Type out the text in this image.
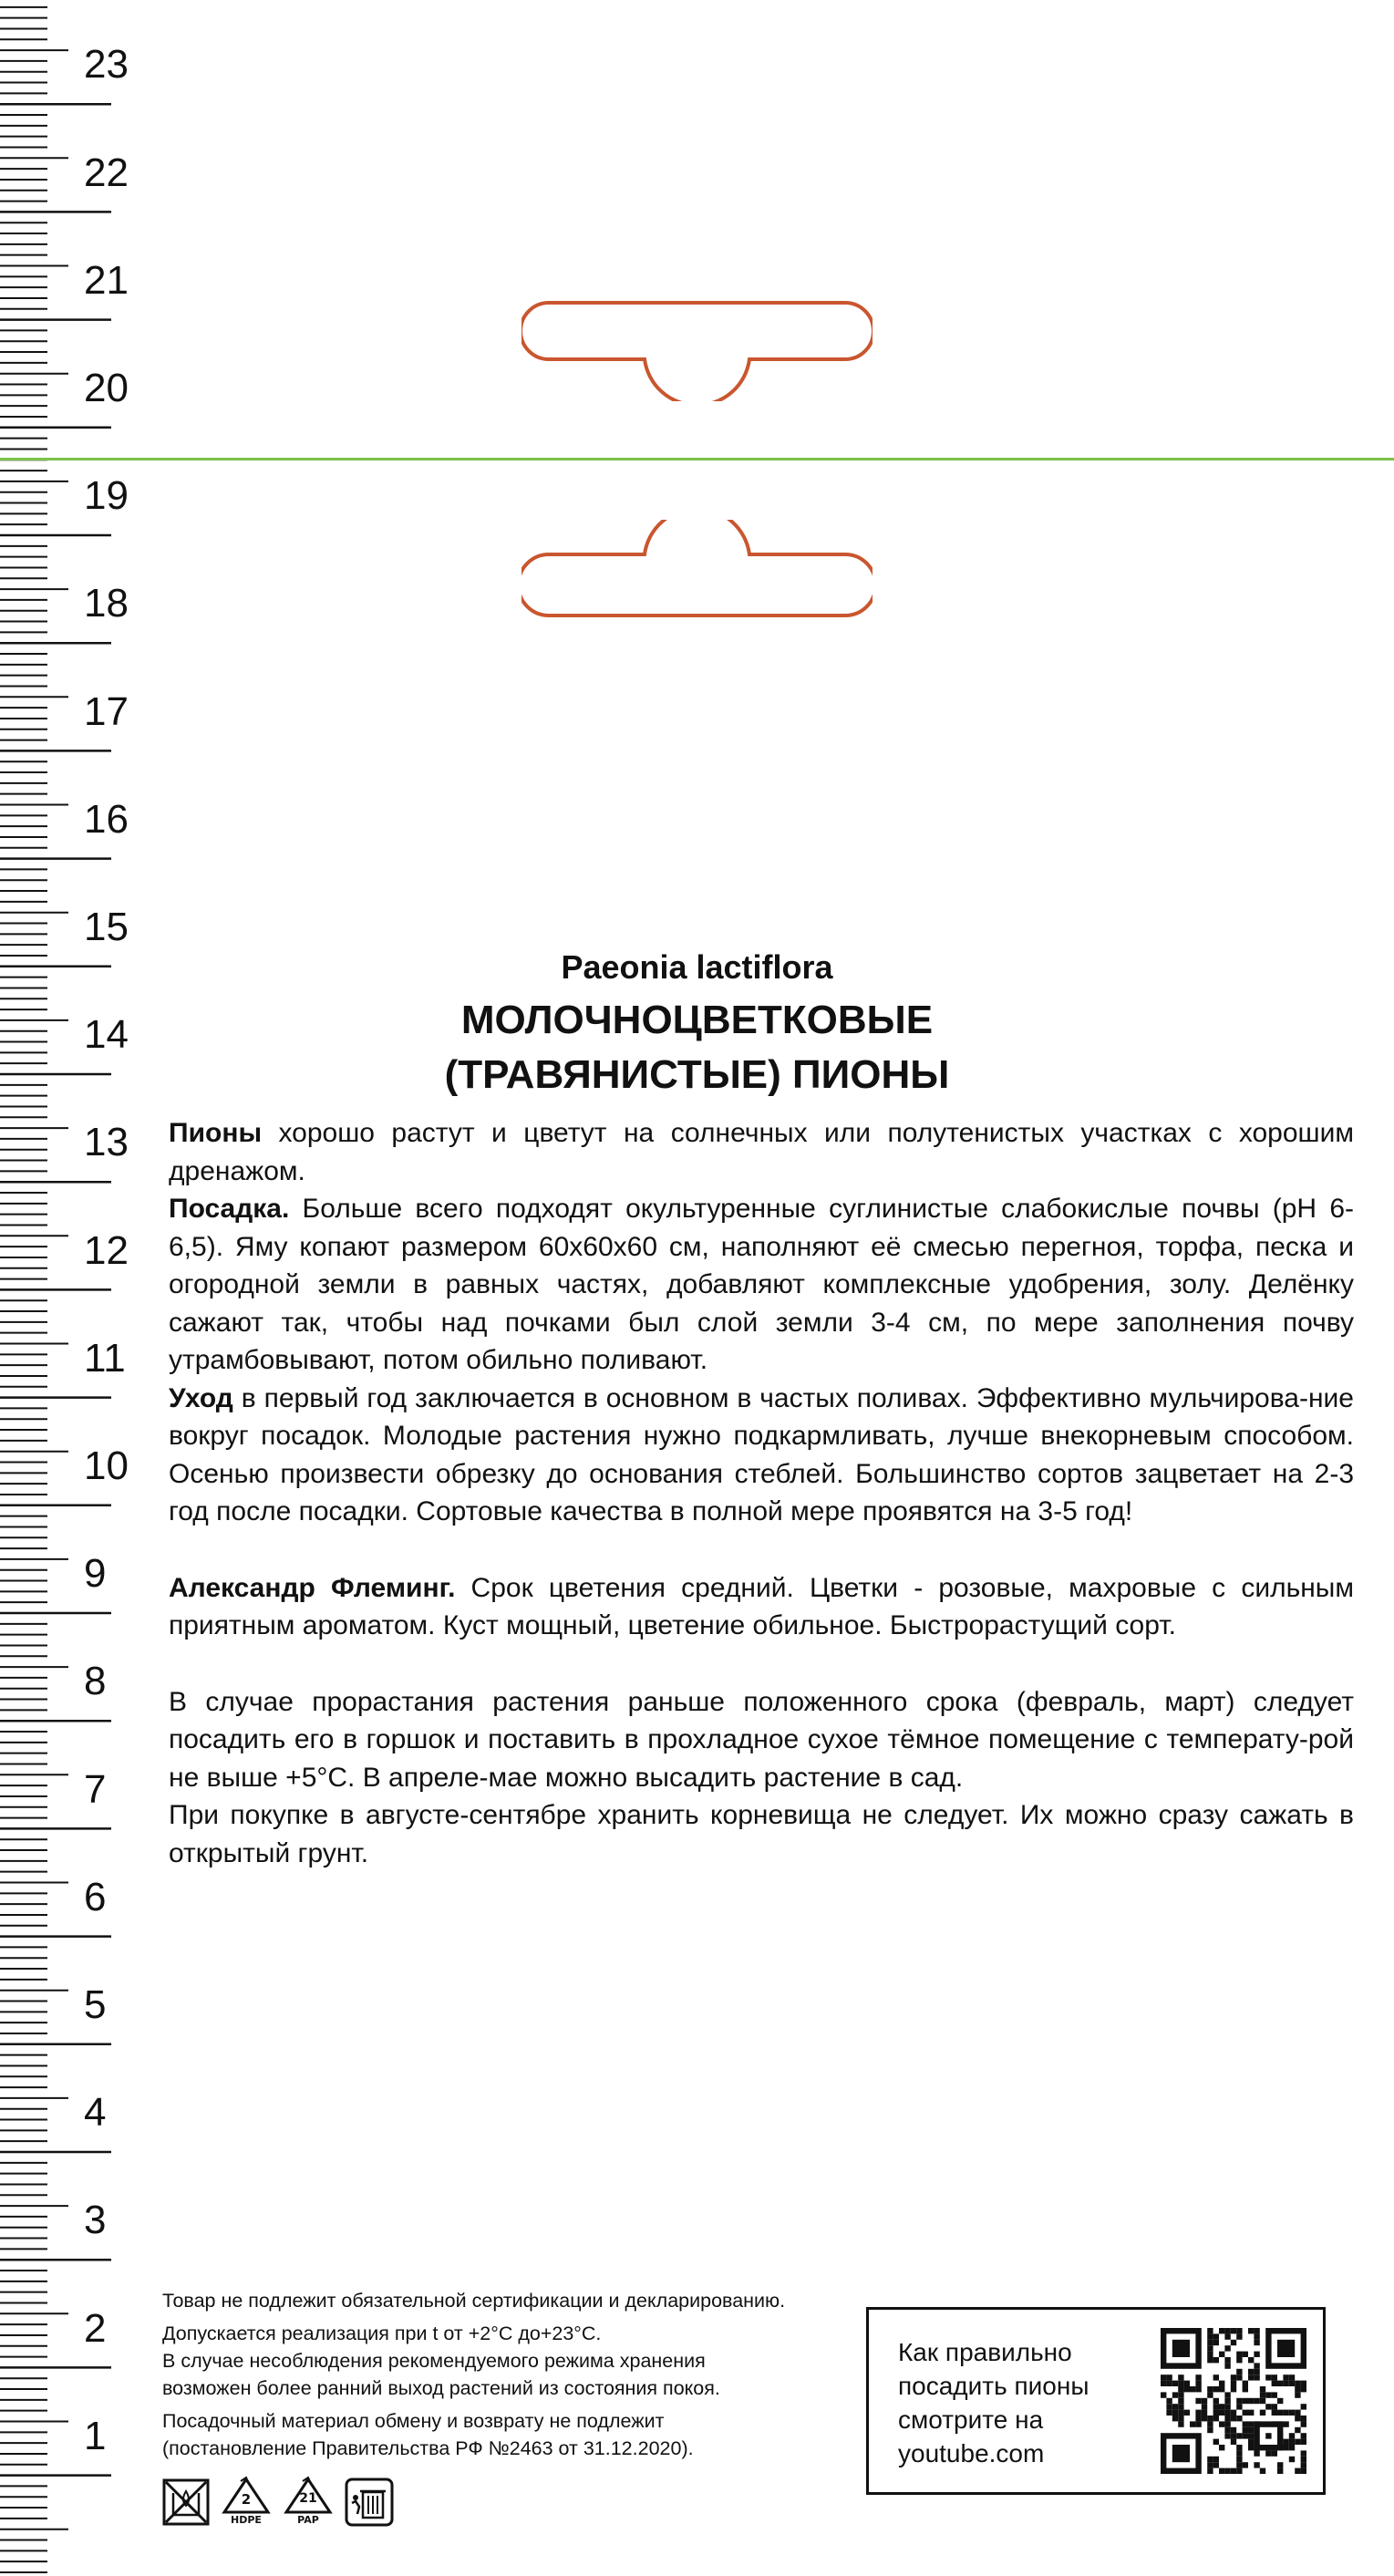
23
22
21
20
19
18
17
16
15
14
13
12
11
10
9
8
7
6
5
4
3
2
1
Paeonia lactiflora
МОЛОЧНОЦВЕТКОВЫЕ
(ТРАВЯНИСТЫЕ) ПИОНЫ

Пионы хорошо растут и цветут на солнечных или полутенистых участках с хорошим дренажом.

Посадка. Больше всего подходят окультуренные суглинистые слабокислые почвы (pH 6-6,5). Яму копают размером 60х60х60 см, наполняют её смесью перегноя, торфа, песка и огородной земли в равных частях, добавляют комплексные удобрения, золу. Делёнку сажают так, чтобы над почками был слой земли 3-4 см, по мере заполнения почву утрамбовывают, потом обильно поливают.

Уход в первый год заключается в основном в частых поливах. Эффективно мульчирова-ние вокруг посадок. Молодые растения нужно подкармливать, лучше внекорневым способом. Осенью произвести обрезку до основания стеблей. Большинство сортов зацветает на 2-3 год после посадки. Сортовые качества в полной мере проявятся на 3-5 год!

Александр Флеминг. Срок цветения средний. Цветки - розовые, махровые с сильным приятным ароматом. Куст мощный, цветение обильное. Быстрорастущий сорт.

В случае прорастания растения раньше положенного срока (февраль, март) следует посадить его в горшок и поставить в прохладное сухое тёмное помещение с температу-рой не выше +5°С. В апреле-мае можно высадить растение в сад.

При покупке в августе-сентябре хранить корневища не следует. Их можно сразу сажать в открытый грунт.

Товар не подлежит обязательной сертификации и декларированию.

Допускается реализация при t от +2°С до+23°С.

В случае несоблюдения рекомендуемого режима хранения

возможен более ранний выход растений из состояния покоя.

Посадочный материал обмену и возврату не подлежит

(постановление Правительства РФ №2463 от 31.12.2020).

2
HDPE
21
PAP

Как правильно

посадить пионы

смотрите на

youtube.com
